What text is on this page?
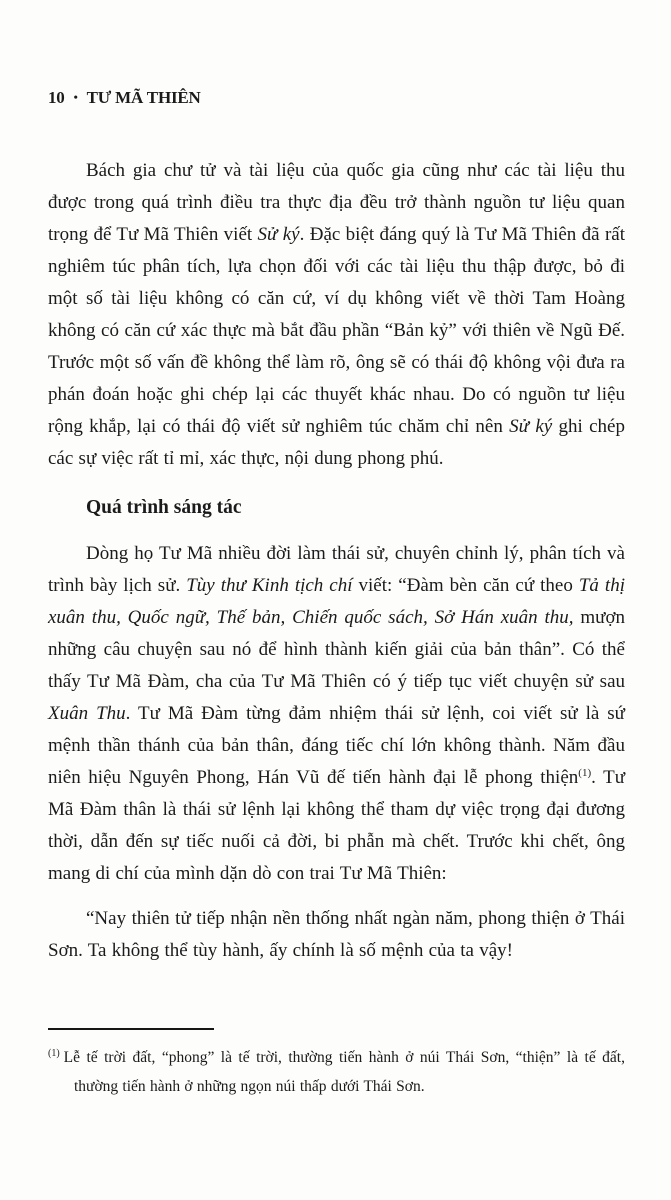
10 • TƯ MÃ THIÊN

Bách gia chư tử và tài liệu của quốc gia cũng như các tài liệu thu được trong quá trình điều tra thực địa đều trở thành nguồn tư liệu quan trọng để Tư Mã Thiên viết Sử ký. Đặc biệt đáng quý là Tư Mã Thiên đã rất nghiêm túc phân tích, lựa chọn đối với các tài liệu thu thập được, bỏ đi một số tài liệu không có căn cứ, ví dụ không viết về thời Tam Hoàng không có căn cứ xác thực mà bắt đầu phần “Bản kỷ” với thiên về Ngũ Đế. Trước một số vấn đề không thể làm rõ, ông sẽ có thái độ không vội đưa ra phán đoán hoặc ghi chép lại các thuyết khác nhau. Do có nguồn tư liệu rộng khắp, lại có thái độ viết sử nghiêm túc chăm chỉ nên Sử ký ghi chép các sự việc rất tỉ mỉ, xác thực, nội dung phong phú.

Quá trình sáng tác

Dòng họ Tư Mã nhiều đời làm thái sử, chuyên chỉnh lý, phân tích và trình bày lịch sử. Tùy thư Kinh tịch chí viết: “Đàm bèn căn cứ theo Tả thị xuân thu, Quốc ngữ, Thế bản, Chiến quốc sách, Sở Hán xuân thu, mượn những câu chuyện sau nó để hình thành kiến giải của bản thân”. Có thể thấy Tư Mã Đàm, cha của Tư Mã Thiên có ý tiếp tục viết chuyện sử sau Xuân Thu. Tư Mã Đàm từng đảm nhiệm thái sử lệnh, coi viết sử là sứ mệnh thần thánh của bản thân, đáng tiếc chí lớn không thành. Năm đầu niên hiệu Nguyên Phong, Hán Vũ đế tiến hành đại lễ phong thiện$^{(1)}$. Tư Mã Đàm thân là thái sử lệnh lại không thể tham dự việc trọng đại đương thời, dẫn đến sự tiếc nuối cả đời, bi phẫn mà chết. Trước khi chết, ông mang di chí của mình dặn dò con trai Tư Mã Thiên:

“Nay thiên tử tiếp nhận nền thống nhất ngàn năm, phong thiện ở Thái Sơn. Ta không thể tùy hành, ấy chính là số mệnh của ta vậy!

$^{(1)}$ Lễ tế trời đất, “phong” là tế trời, thường tiến hành ở núi Thái Sơn, “thiện” là tế đất, thường tiến hành ở những ngọn núi thấp dưới Thái Sơn.
